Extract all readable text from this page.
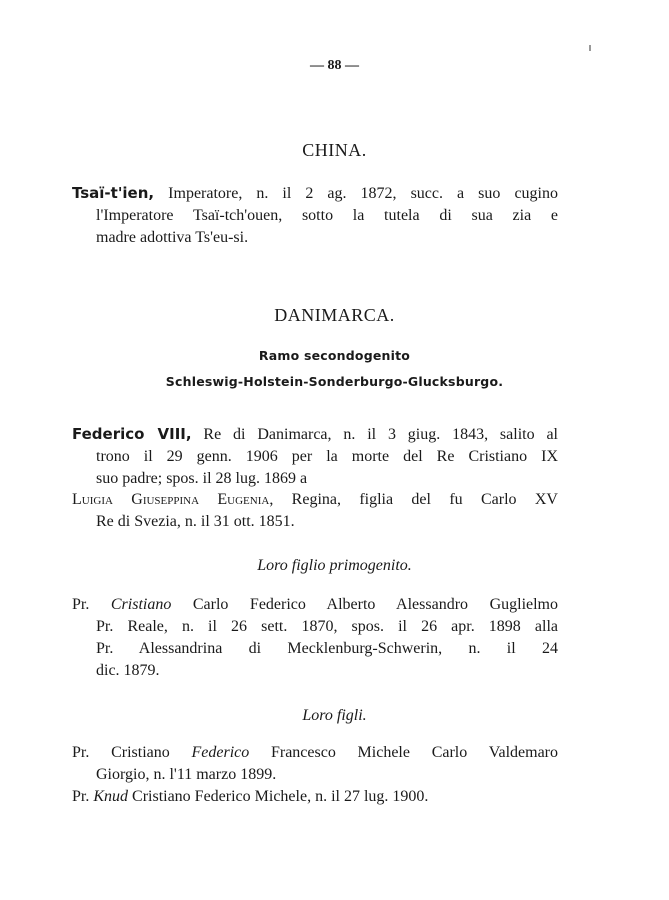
— 88 —
CHINA.
Tsaï-t'ien, Imperatore, n. il 2 ag. 1872, succ. a suo cugino
l'Imperatore Tsaï-tch'ouen, sotto la tutela di sua zia e
madre adottiva Ts'eu-si.
DANIMARCA.
Ramo secondogenito
Schleswig-Holstein-Sonderburgo-Glucksburgo.
Federico VIII, Re di Danimarca, n. il 3 giug. 1843, salito al
trono il 29 genn. 1906 per la morte del Re Cristiano IX
suo padre; spos. il 28 lug. 1869 a
Luigia Giuseppina Eugenia, Regina, figlia del fu Carlo XV
Re di Svezia, n. il 31 ott. 1851.
Loro figlio primogenito.
Pr. Cristiano Carlo Federico Alberto Alessandro Guglielmo
Pr. Reale, n. il 26 sett. 1870, spos. il 26 apr. 1898 alla
Pr. Alessandrina di Mecklenburg-Schwerin, n. il 24
dic. 1879.
Loro figli.
Pr. Cristiano Federico Francesco Michele Carlo Valdemaro
Giorgio, n. l'11 marzo 1899.
Pr. Knud Cristiano Federico Michele, n. il 27 lug. 1900.
